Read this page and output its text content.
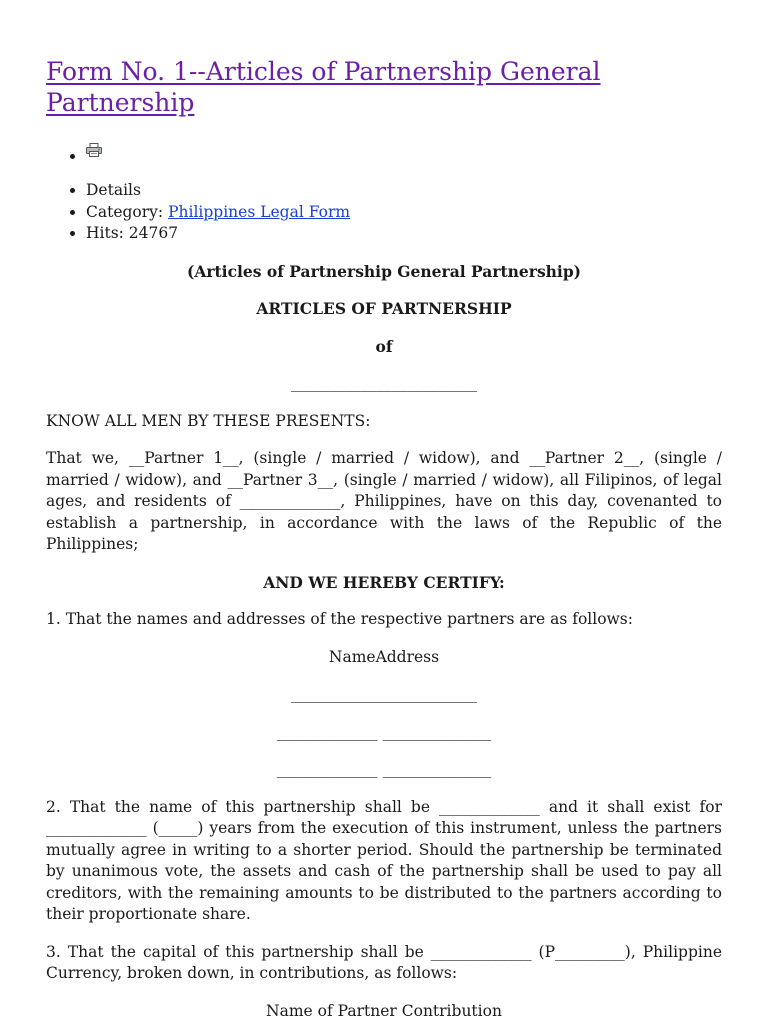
Form No. 1--Articles of Partnership General Partnership
•
• Details
• Category: Philippines Legal Form
• Hits: 24767

(Articles of Partnership General Partnership)

ARTICLES OF PARTNERSHIP

of

________________________

KNOW ALL MEN BY THESE PRESENTS:

That we, __Partner 1__, (single / married / widow), and __Partner 2__, (single / married / widow), and __Partner 3__, (single / married / widow), all Filipinos, of legal ages, and residents of _____________, Philippines, have on this day, covenanted to establish a partnership, in accordance with the laws of the Republic of the Philippines;

AND WE HEREBY CERTIFY:

1. That the names and addresses of the respective partners are as follows:

NameAddress

________________________

_____________ ______________

_____________ ______________

2. That the name of this partnership shall be _____________ and it shall exist for _____________ (_____) years from the execution of this instrument, unless the partners mutually agree in writing to a shorter period. Should the partnership be terminated by unanimous vote, the assets and cash of the partnership shall be used to pay all creditors, with the remaining amounts to be distributed to the partners according to their proportionate share.

3. That the capital of this partnership shall be _____________ (P_________), Philippine Currency, broken down, in contributions, as follows:

Name of Partner Contribution
